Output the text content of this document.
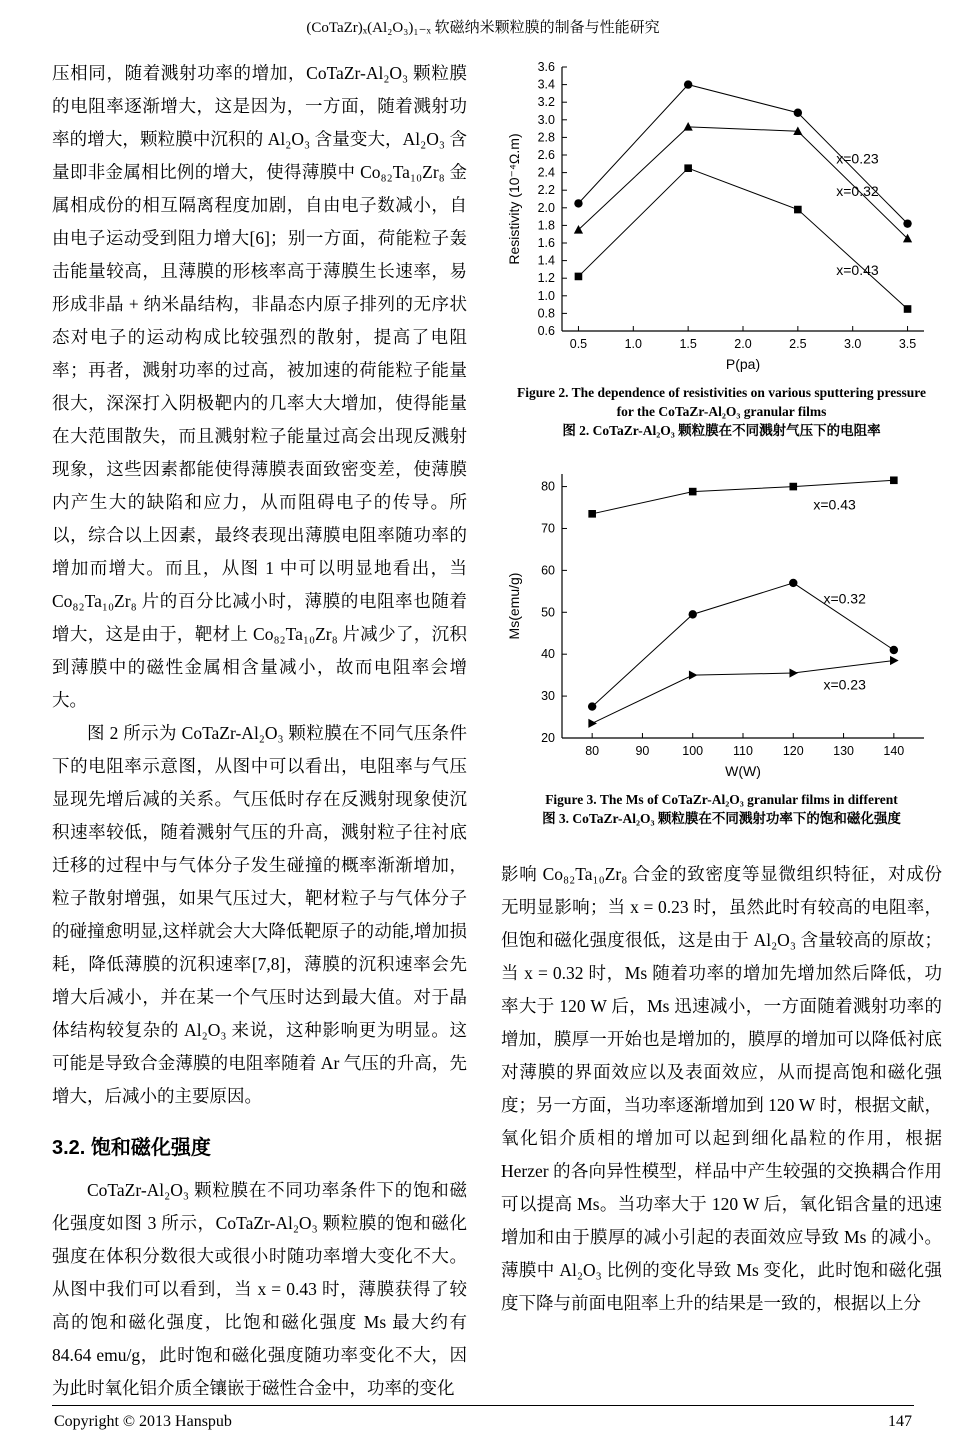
(CoTaZr)ₓ(Al₂O₃)₁₋ₓ 软磁纳米颗粒膜的制备与性能研究

压相同，随着溅射功率的增加，CoTaZr-Al₂O₃ 颗粒膜的电阻率逐渐增大，这是因为，一方面，随着溅射功率的增大，颗粒膜中沉积的 Al₂O₃ 含量变大，Al₂O₃ 含量即非金属相比例的增大，使得薄膜中 Co₈₂Ta₁₀Zr₈ 金属相成份的相互隔离程度加剧，自由电子数减小，自由电子运动受到阻力增大[6]；别一方面，荷能粒子轰击能量较高，且薄膜的形核率高于薄膜生长速率，易形成非晶 + 纳米晶结构，非晶态内原子排列的无序状态对电子的运动构成比较强烈的散射，提高了电阻率；再者，溅射功率的过高，被加速的荷能粒子能量很大，深深打入阴极靶内的几率大大增加，使得能量在大范围散失，而且溅射粒子能量过高会出现反溅射现象，这些因素都能使得薄膜表面致密变差，使薄膜内产生大的缺陷和应力，从而阻碍电子的传导。所以，综合以上因素，最终表现出薄膜电阻率随功率的增加而增大。而且，从图 1 中可以明显地看出，当 Co₈₂Ta₁₀Zr₈ 片的百分比减小时，薄膜的电阻率也随着增大，这是由于，靶材上 Co₈₂Ta₁₀Zr₈ 片减少了，沉积到薄膜中的磁性金属相含量减小，故而电阻率会增大。

图 2 所示为 CoTaZr-Al₂O₃ 颗粒膜在不同气压条件下的电阻率示意图，从图中可以看出，电阻率与气压显现先增后减的关系。气压低时存在反溅射现象使沉积速率较低，随着溅射气压的升高，溅射粒子往衬底迁移的过程中与气体分子发生碰撞的概率渐渐增加，粒子散射增强，如果气压过大，靶材粒子与气体分子的碰撞愈明显,这样就会大大降低靶原子的动能,增加损耗，降低薄膜的沉积速率[7,8]，薄膜的沉积速率会先增大后减小，并在某一个气压时达到最大值。对于晶体结构较复杂的 Al₂O₃ 来说，这种影响更为明显。这可能是导致合金薄膜的电阻率随着 Ar 气压的升高，先增大，后减小的主要原因。

3.2. 饱和磁化强度

CoTaZr-Al₂O₃ 颗粒膜在不同功率条件下的饱和磁化强度如图 3 所示，CoTaZr-Al₂O₃ 颗粒膜的饱和磁化强度在体积分数很大或很小时随功率增大变化不大。从图中我们可以看到，当 x = 0.43 时，薄膜获得了较高的饱和磁化强度，比饱和磁化强度 Ms 最大约有 84.64 emu/g，此时饱和磁化强度随功率变化不大，因为此时氧化铝介质全镶嵌于磁性合金中，功率的变化

0.5	1.0	1.5	2.0	2.5	3.0	3.5
0.6
0.8
1.0
1.2
1.4
1.6
1.8
2.0
2.2
2.4
2.6
2.8
3.0
3.2
3.4
3.6
P(pa)
Resistivity (10⁻⁴Ω.m)	x=0.23
x=0.32
x=0.43
Figure 2. The dependence of resistivities on various sputtering pressure for the CoTaZr-Al₂O₃ granular films
图 2. CoTaZr-Al₂O₃ 颗粒膜在不同溅射气压下的电阻率
80	90	100 110 120 130 140
20
30
40
50
60
70
80
W(W)
Ms(emu/g)
x=0.43
x=0.32
x=0.23
Figure 3. The Ms of CoTaZr-Al₂O₃ granular films in different
图 3. CoTaZr-Al₂O₃ 颗粒膜在不同溅射功率下的饱和磁化强度

影响 Co₈₂Ta₁₀Zr₈ 合金的致密度等显微组织特征，对成份无明显影响；当 x = 0.23 时，虽然此时有较高的电阻率，但饱和磁化强度很低，这是由于 Al₂O₃ 含量较高的原故；当 x = 0.32 时，Ms 随着功率的增加先增加然后降低，功率大于 120 W 后，Ms 迅速减小，一方面随着溅射功率的增加，膜厚一开始也是增加的，膜厚的增加可以降低衬底对薄膜的界面效应以及表面效应，从而提高饱和磁化强度；另一方面，当功率逐渐增加到 120 W 时，根据文献，氧化铝介质相的增加可以起到细化晶粒的作用，根据 Herzer 的各向异性模型，样品中产生较强的交换耦合作用可以提高 Ms。当功率大于 120 W 后，氧化铝含量的迅速增加和由于膜厚的减小引起的表面效应导致 Ms 的减小。薄膜中 Al₂O₃ 比例的变化导致 Ms 变化，此时饱和磁化强度下降与前面电阻率上升的结果是一致的，根据以上分

Copyright © 2013 Hanspub	147
